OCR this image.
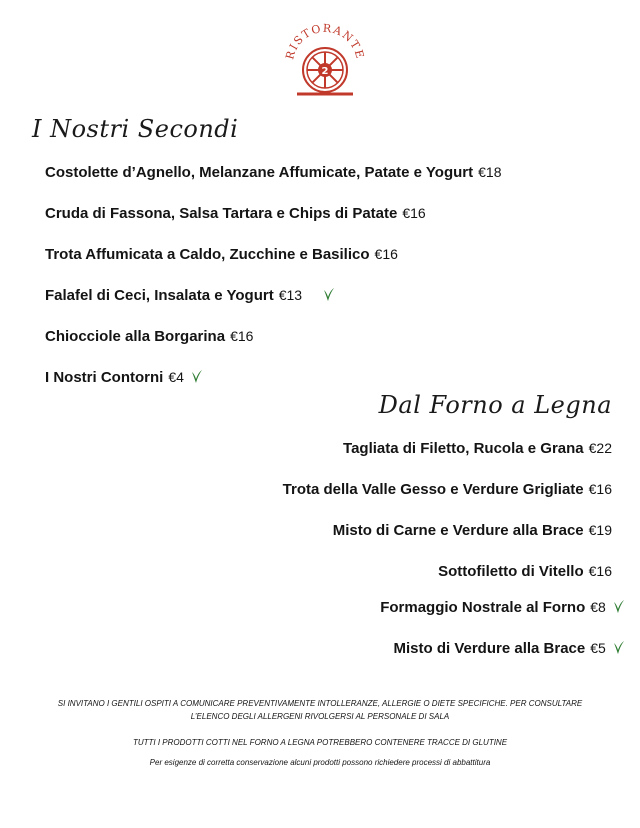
RISTORANTE
2
I Nostri Secondi
Costolette d’Agnello, Melanzane Affumicate, Patate e Yogurt €18
Cruda di Fassona, Salsa Tartara e Chips di Patate €16
Trota Affumicata a Caldo, Zucchine e Basilico €16
Falafel di Ceci, Insalata e Yogurt €13
Chiocciole alla Borgarina €16
I Nostri Contorni €4
Dal Forno a Legna
Tagliata di Filetto, Rucola e Grana €22
Trota della Valle Gesso e Verdure Grigliate €16
Misto di Carne e Verdure alla Brace €19
Sottofiletto di Vitello €16
Formaggio Nostrale al Forno €8
Misto di Verdure alla Brace €5

SI INVITANO I GENTILI OSPITI A COMUNICARE PREVENTIVAMENTE INTOLLERANZE, ALLERGIE O DIETE SPECIFICHE. PER CONSULTARE
L’ELENCO DEGLI ALLERGENI RIVOLGERSI AL PERSONALE DI SALA

TUTTI I PRODOTTI COTTI NEL FORNO A LEGNA POTREBBERO CONTENERE TRACCE DI GLUTINE

Per esigenze di corretta conservazione alcuni prodotti possono richiedere processi di abbattitura
